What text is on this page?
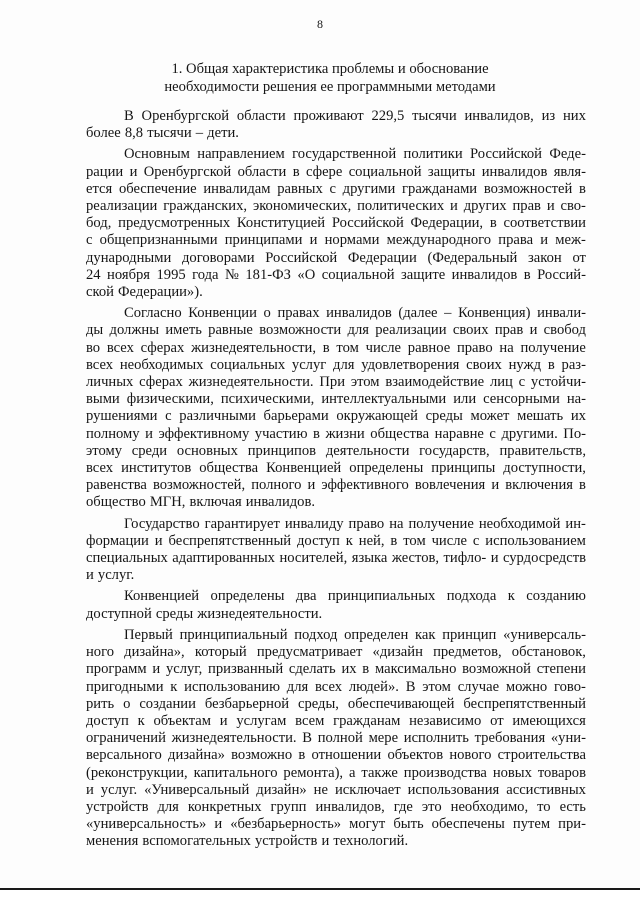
8
1. Общая характеристика проблемы и обоснование
необходимости решения ее программными методами
В Оренбургской области проживают 229,5 тысячи инвалидов, из них
более 8,8 тысячи – дети.
Основным направлением государственной политики Российской Феде-
рации и Оренбургской области в сфере социальной защиты инвалидов явля-
ется обеспечение инвалидам равных с другими гражданами возможностей в
реализации гражданских, экономических, политических и других прав и сво-
бод, предусмотренных Конституцией Российской Федерации, в соответствии
с общепризнанными принципами и нормами международного права и меж-
дународными договорами Российской Федерации (Федеральный закон от
24 ноября 1995 года № 181-ФЗ «О социальной защите инвалидов в Россий-
ской Федерации»).
Согласно Конвенции о правах инвалидов (далее – Конвенция) инвали-
ды должны иметь равные возможности для реализации своих прав и свобод
во всех сферах жизнедеятельности, в том числе равное право на получение
всех необходимых социальных услуг для удовлетворения своих нужд в раз-
личных сферах жизнедеятельности. При этом взаимодействие лиц с устойчи-
выми физическими, психическими, интеллектуальными или сенсорными на-
рушениями с различными барьерами окружающей среды может мешать их
полному и эффективному участию в жизни общества наравне с другими. По-
этому среди основных принципов деятельности государств, правительств,
всех институтов общества Конвенцией определены принципы доступности,
равенства возможностей, полного и эффективного вовлечения и включения в
общество МГН, включая инвалидов.
Государство гарантирует инвалиду право на получение необходимой ин-
формации и беспрепятственный доступ к ней, в том числе с использованием
специальных адаптированных носителей, языка жестов, тифло- и сурдосредств
и услуг.
Конвенцией определены два принципиальных подхода к созданию
доступной среды жизнедеятельности.
Первый принципиальный подход определен как принцип «универсаль-
ного дизайна», который предусматривает «дизайн предметов, обстановок,
программ и услуг, призванный сделать их в максимально возможной степени
пригодными к использованию для всех людей». В этом случае можно гово-
рить о создании безбарьерной среды, обеспечивающей беспрепятственный
доступ к объектам и услугам всем гражданам независимо от имеющихся
ограничений жизнедеятельности. В полной мере исполнить требования «уни-
версального дизайна» возможно в отношении объектов нового строительства
(реконструкции, капитального ремонта), а также производства новых товаров
и услуг. «Универсальный дизайн» не исключает использования ассистивных
устройств для конкретных групп инвалидов, где это необходимо, то есть
«универсальность» и «безбарьерность» могут быть обеспечены путем при-
менения вспомогательных устройств и технологий.
